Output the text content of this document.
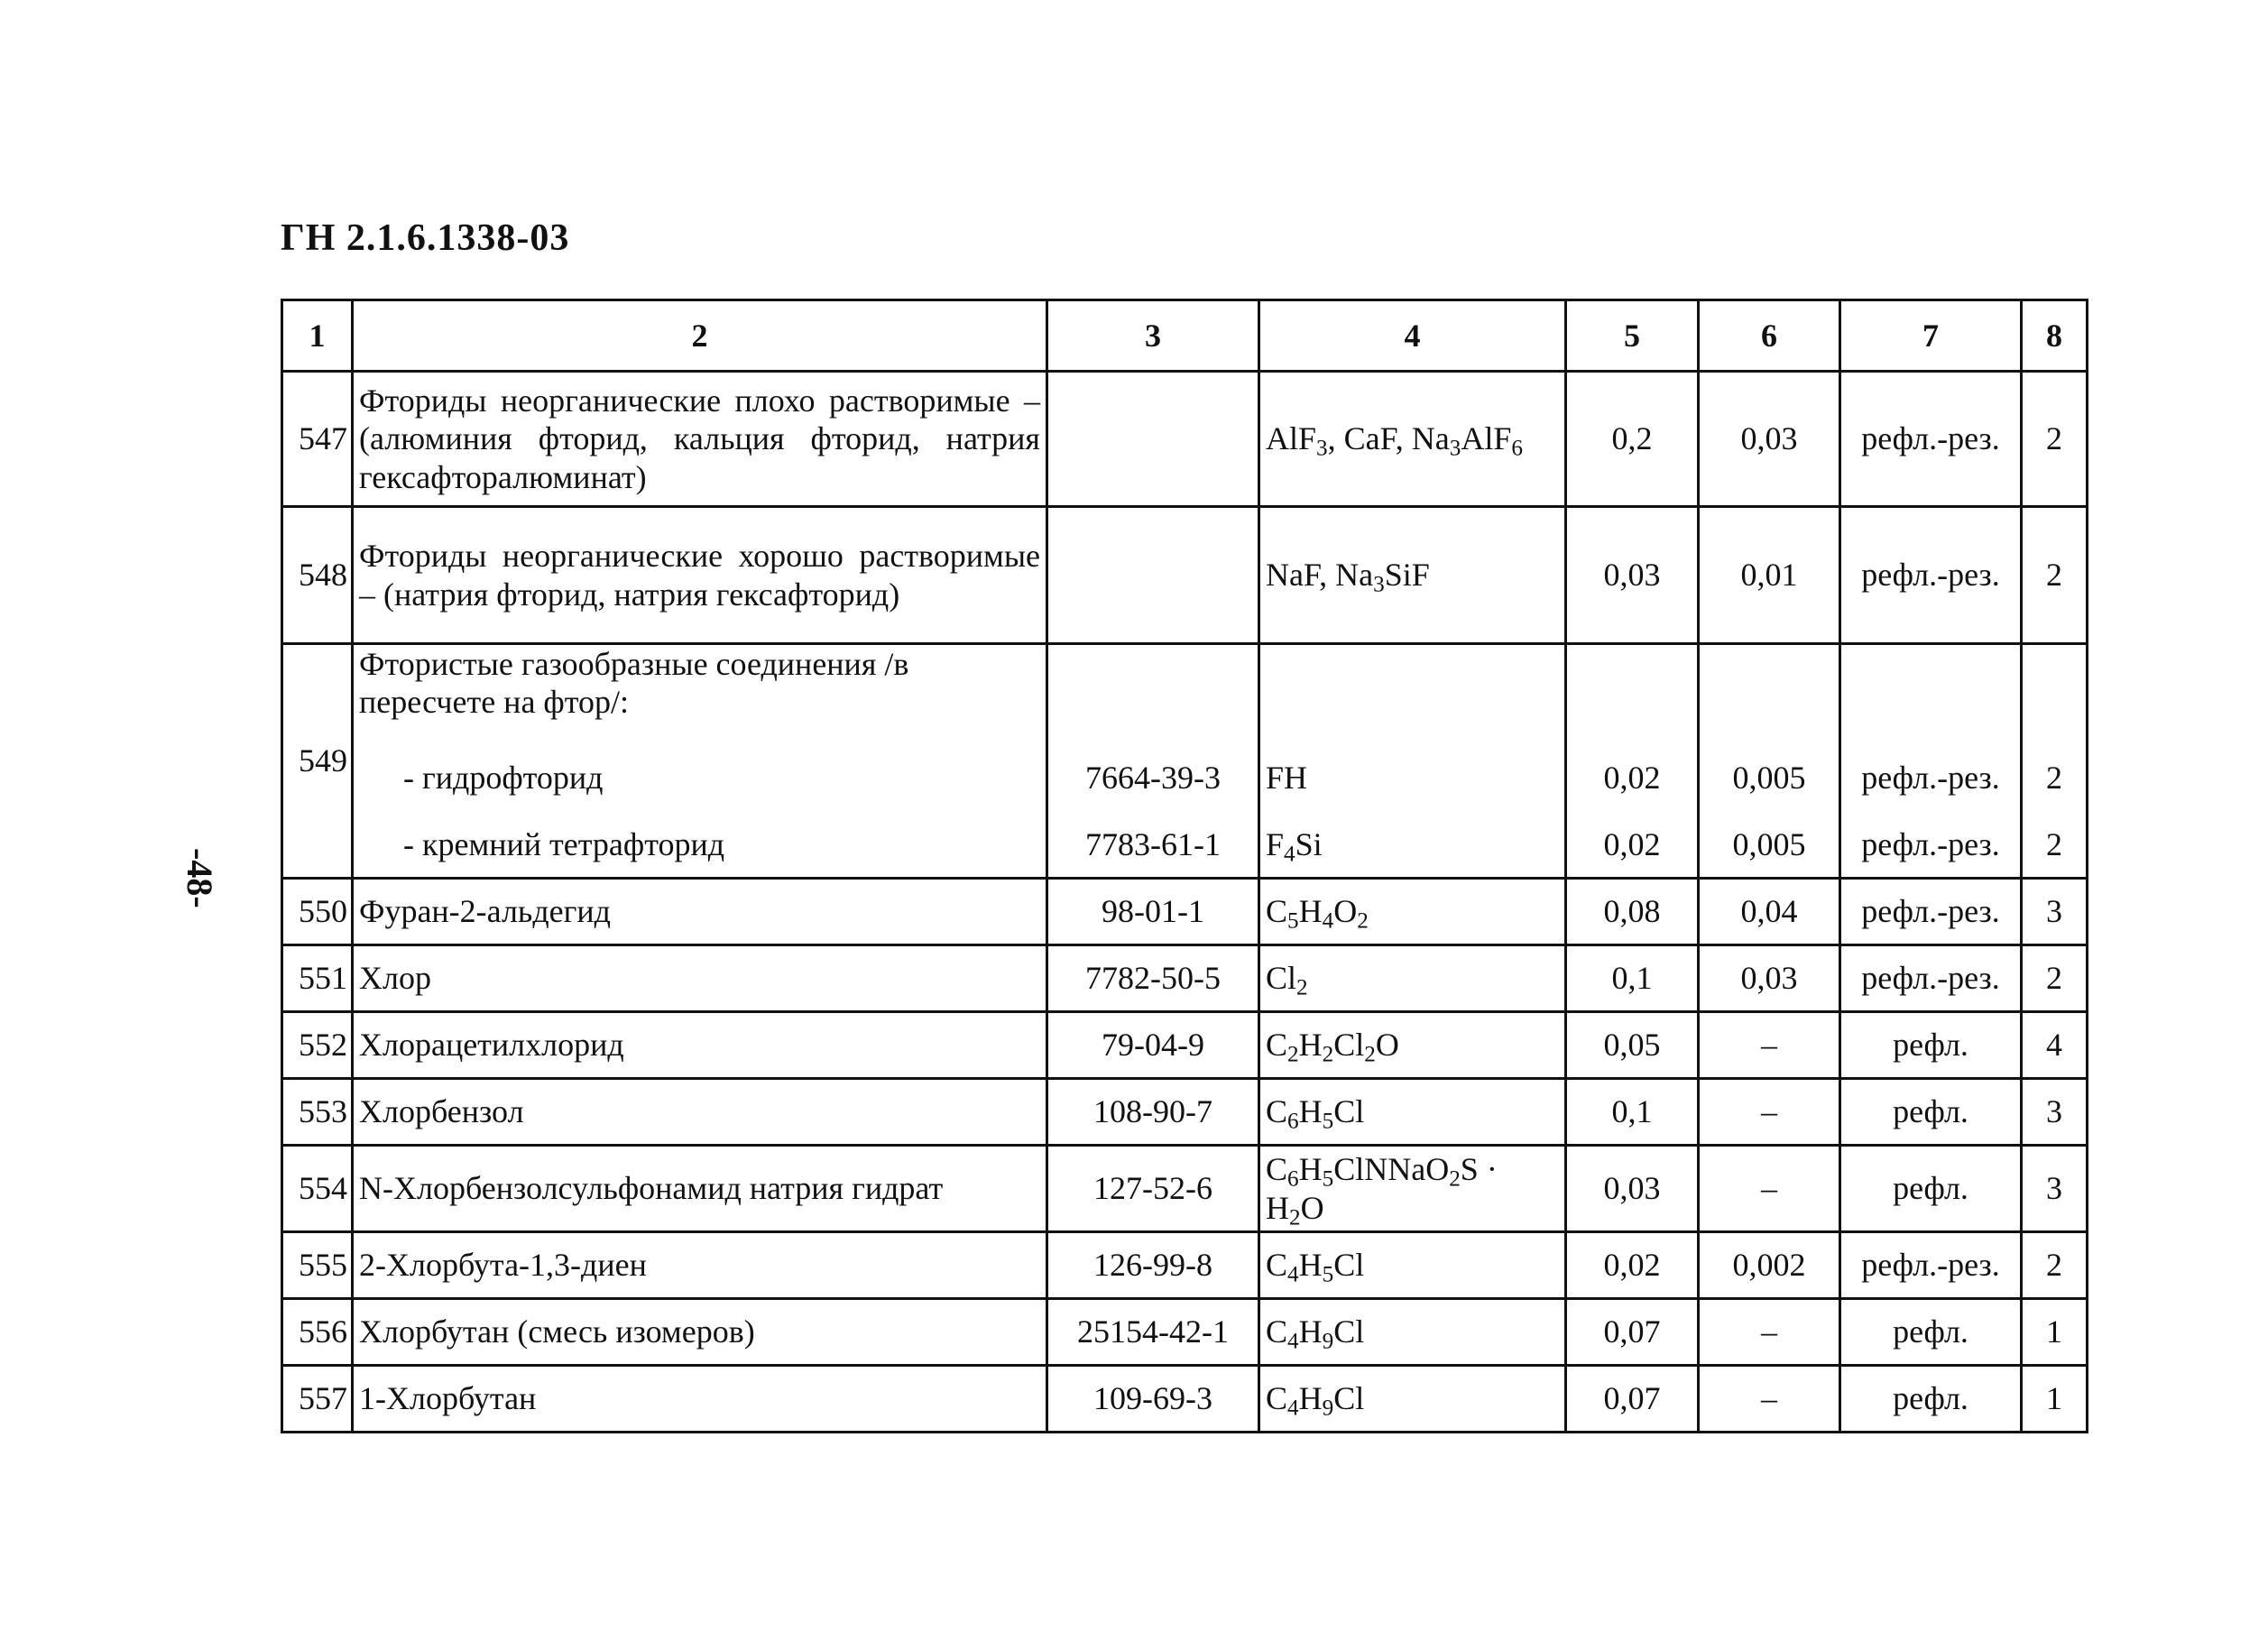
ГН 2.1.6.1338-03
-48-
1	2	3	4	5	6	7	8
547	Фториды неорганические плохо растворимые – (алюминия фторид, кальция фторид, натрия гексафторалюминат)		AlF$_3$, CaF, $Na_3AlF_6$	0,2	0,03	рефл.-рез.	2
548	Фториды неорганические хорошо растворимые – (натрия фторид, натрия гексафторид)		NaF, $Na_3SiF$	0,03	0,01	рефл.-рез.	2
549	Фтористые газообразные соединения /в пересчете на фтор/:						
	- гидрофторид	7664-39-3	FH	0,02	0,005	рефл.-рез.	2
	- кремний тетрафторид	7783-61-1	$F_4Si$	0,02	0,005	рефл.-рез.	2
550	Фуран-2-альдегид	98-01-1	$C_5H_4O_2$	0,08	0,04	рефл.-рез.	3
551	Хлор	7782-50-5	$Cl_2$	0,1	0,03	рефл.-рез.	2
552	Хлорацетилхлорид	79-04-9	$C_2H_2Cl_2O$	0,05	–	рефл.	4
553	Хлорбензол	108-90-7	$C_6H_5Cl$	0,1	–	рефл.	3
554	N-Хлорбензолсульфонамид натрия гидрат	127-52-6	$C_6H_5ClNNaO_2S \cdot H_2O$	0,03	–	рефл.	3
555	2-Хлорбута-1,3-диен	126-99-8	$C_4H_5Cl$	0,02	0,002	рефл.-рез.	2
556	Хлорбутан (смесь изомеров)	25154-42-1	$C_4H_9Cl$	0,07	–	рефл.	1
557	1-Хлорбутан	109-69-3	$C_4H_9Cl$	0,07	–	рефл.	1
